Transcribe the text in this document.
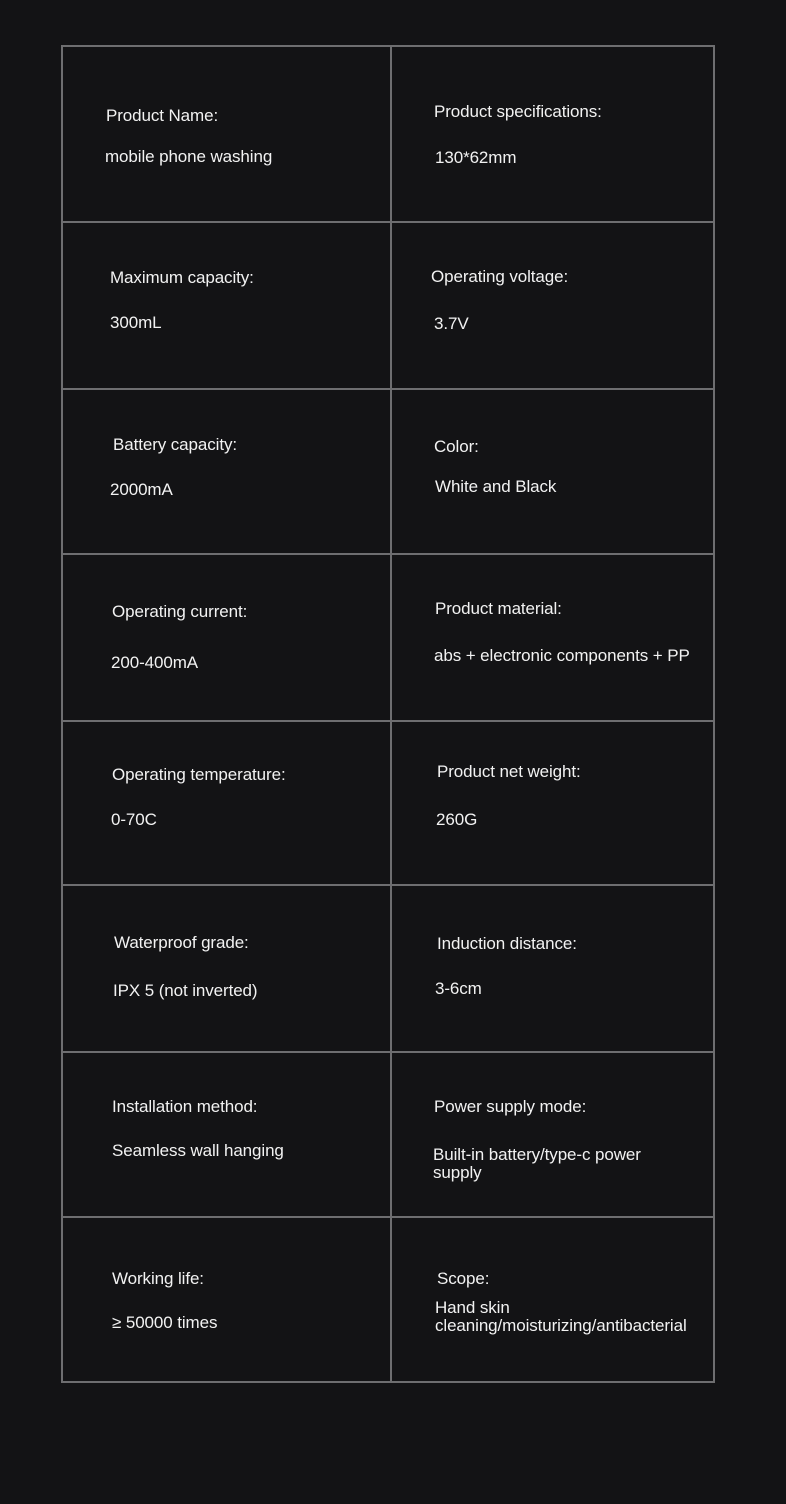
Product Name:
mobile phone washing
Product specifications:
130*62mm
Maximum capacity:
300mL
Operating voltage:
3.7V
Battery capacity:
2000mA
Color:
White and Black
Operating current:
200-400mA
Product material:
abs + electronic components + PP
Operating temperature:
0-70C
Product net weight:
260G
Waterproof grade:
IPX 5 (not inverted)
Induction distance:
3-6cm
Installation method:
Seamless wall hanging
Power supply mode:
Built-in battery/type-c power supply
Working life:
≥ 50000 times
Scope:
Hand skin cleaning/moisturizing/antibacterial
